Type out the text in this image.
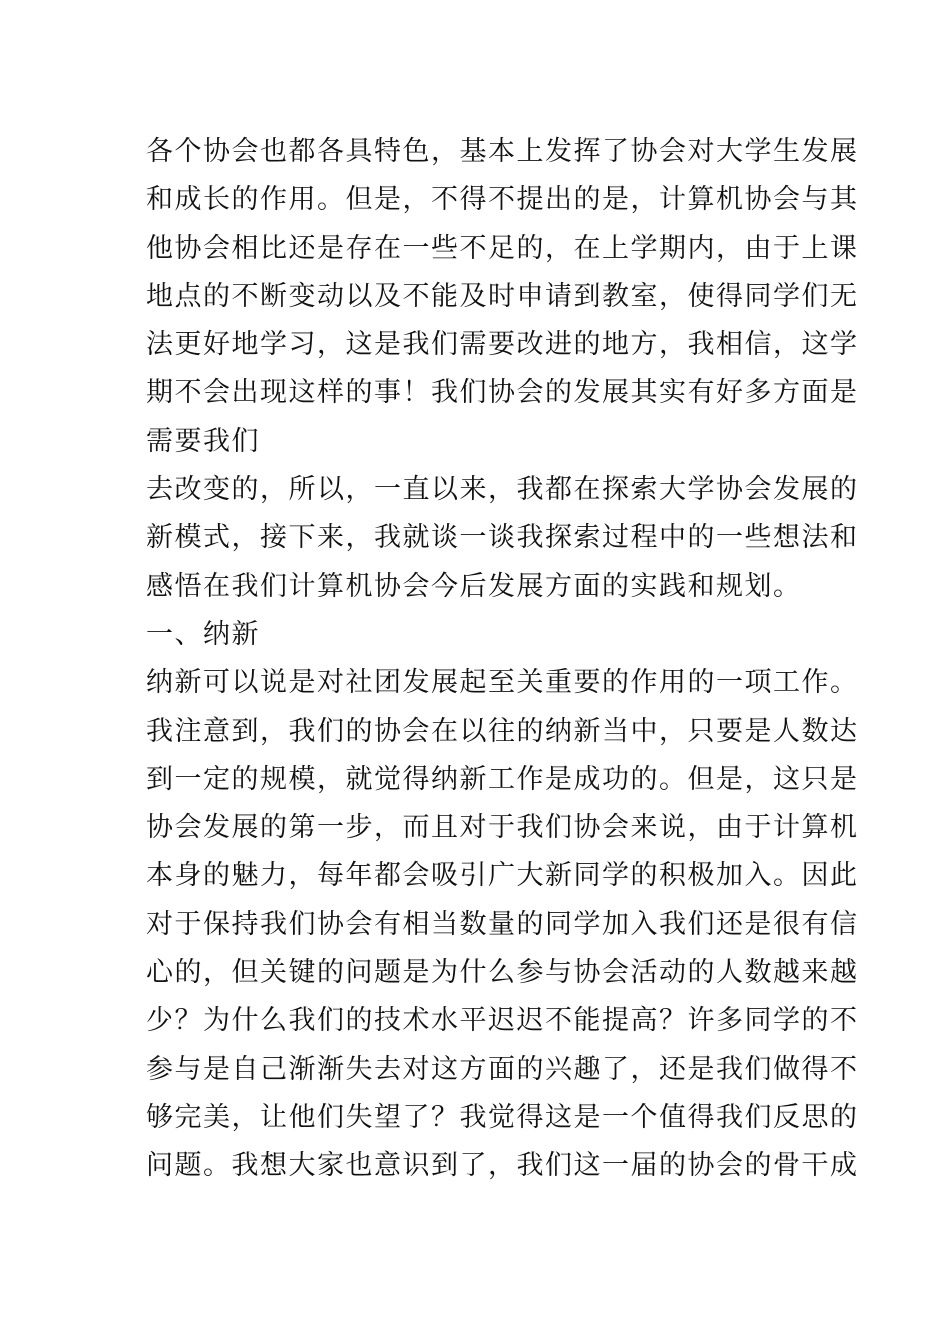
各个协会也都各具特色，基本上发挥了协会对大学生发展
和成长的作用。但是，不得不提出的是，计算机协会与其
他协会相比还是存在一些不足的，在上学期内，由于上课
地点的不断变动以及不能及时申请到教室，使得同学们无
法更好地学习，这是我们需要改进的地方，我相信，这学
期不会出现这样的事！我们协会的发展其实有好多方面是
需要我们
去改变的，所以，一直以来，我都在探索大学协会发展的
新模式，接下来，我就谈一谈我探索过程中的一些想法和
感悟在我们计算机协会今后发展方面的实践和规划。
一、纳新
纳新可以说是对社团发展起至关重要的作用的一项工作。
我注意到，我们的协会在以往的纳新当中，只要是人数达
到一定的规模，就觉得纳新工作是成功的。但是，这只是
协会发展的第一步，而且对于我们协会来说，由于计算机
本身的魅力，每年都会吸引广大新同学的积极加入。因此
对于保持我们协会有相当数量的同学加入我们还是很有信
心的，但关键的问题是为什么参与协会活动的人数越来越
少？为什么我们的技术水平迟迟不能提高？许多同学的不
参与是自己渐渐失去对这方面的兴趣了，还是我们做得不
够完美，让他们失望了？我觉得这是一个值得我们反思的
问题。我想大家也意识到了，我们这一届的协会的骨干成
